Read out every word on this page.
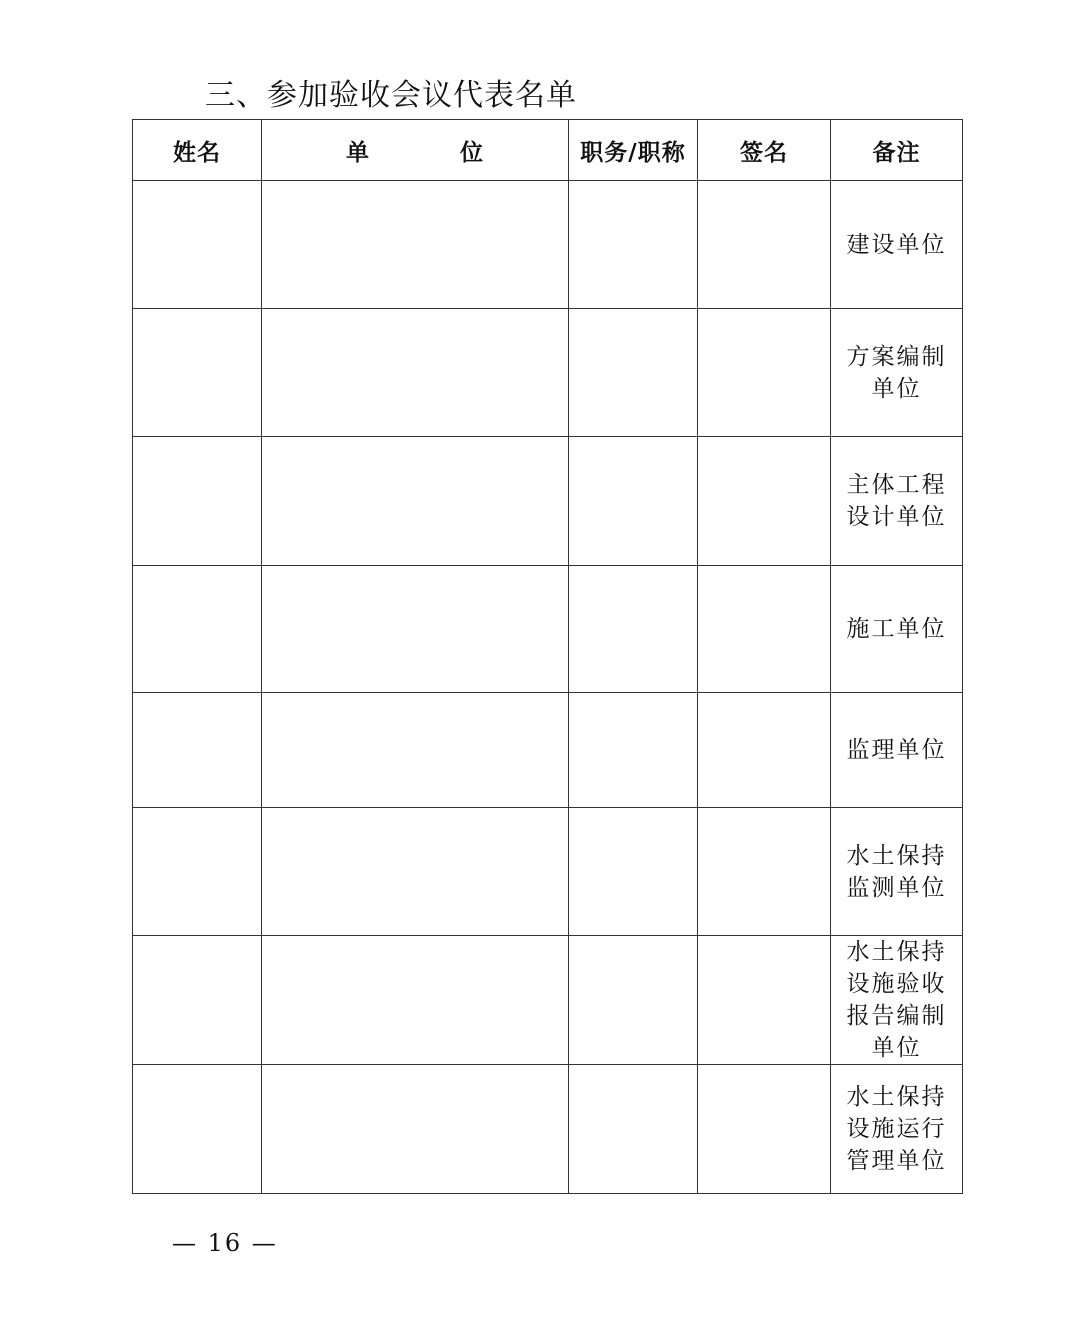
三、参加验收会议代表名单
姓名	单 位	职务/职称	签名	备注

				建设单位

				方案编制
单位

				主体工程
设计单位

				施工单位

				监理单位

				水土保持
监测单位

				水土保持
设施验收
报告编制
单位

				水土保持
设施运行
管理单位
— 16 —
